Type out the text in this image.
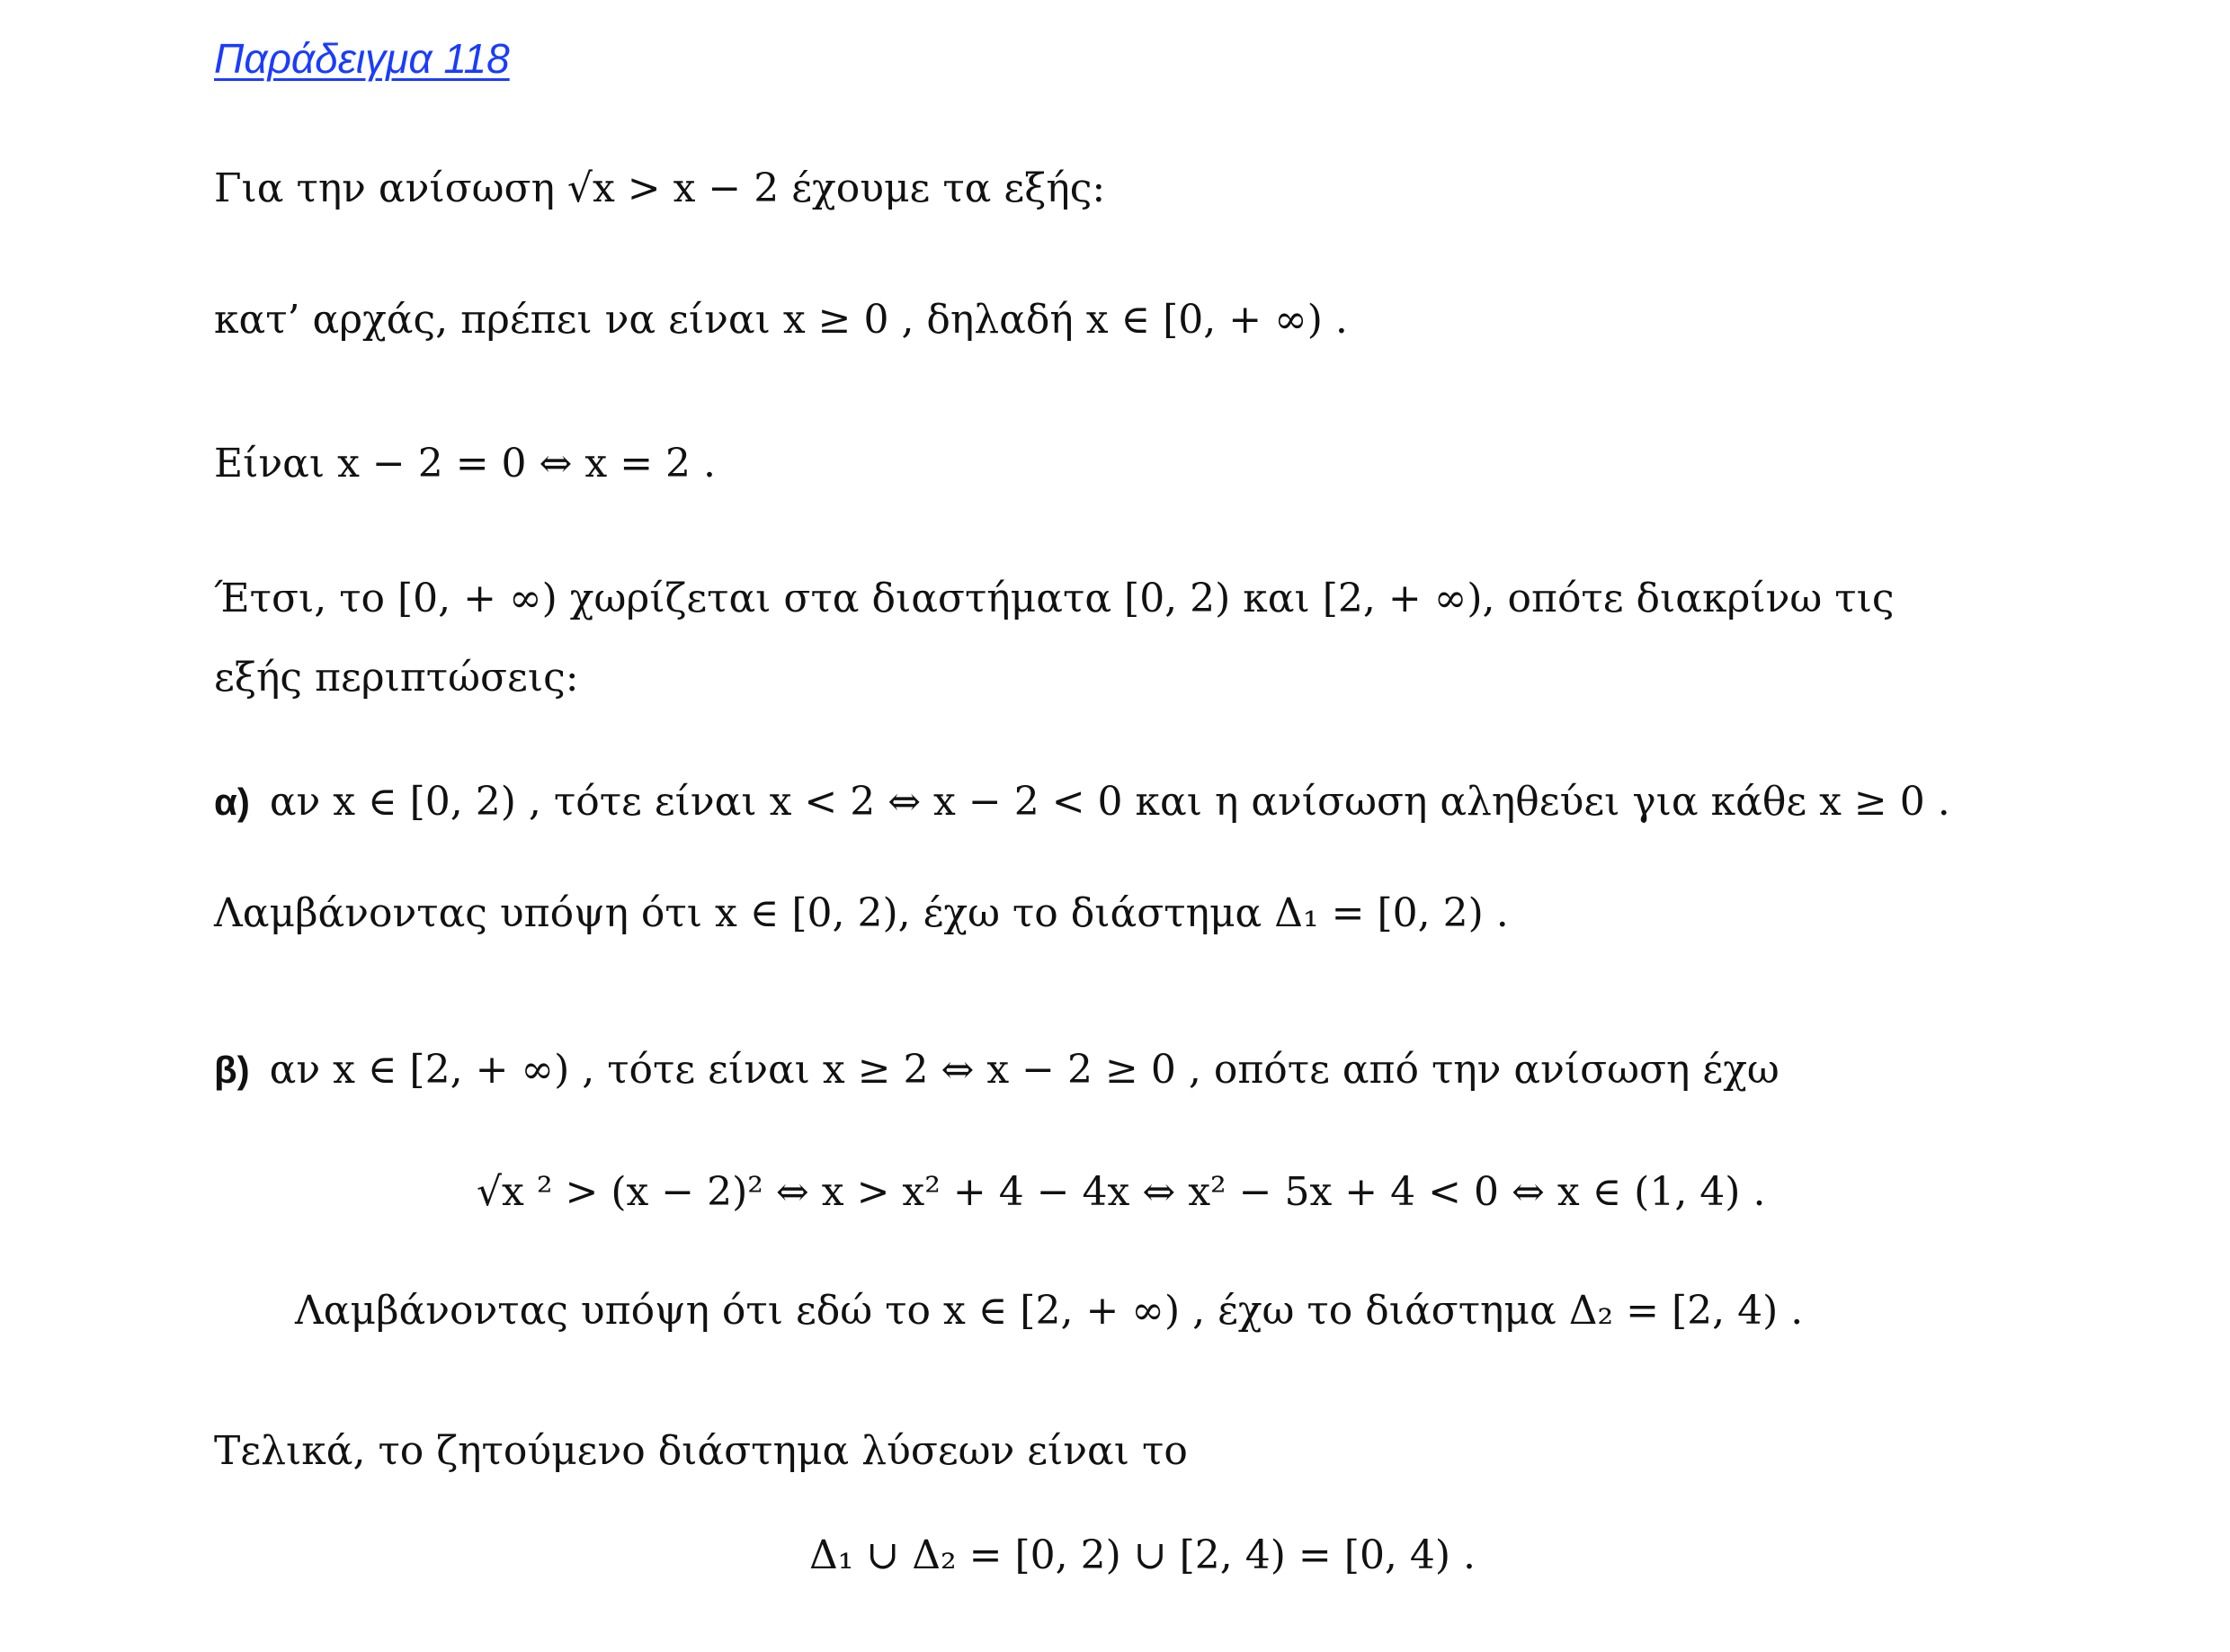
Παράδειγμα 118
Για την ανίσωση √x > x − 2 έχουμε τα εξής:
κατ’ αρχάς, πρέπει να είναι x ≥ 0 , δηλαδή x ∈ [0, + ∞) .
Είναι x − 2 = 0 ⇔ x = 2 .
Έτσι, το [0, + ∞) χωρίζεται στα διαστήματα [0, 2) και [2, + ∞), οπότε διακρίνω τις
εξής περιπτώσεις:
α) αν x ∈ [0, 2) , τότε είναι x < 2 ⇔ x − 2 < 0 και η ανίσωση αληθεύει για κάθε x ≥ 0 .
Λαμβάνοντας υπόψη ότι x ∈ [0, 2), έχω το διάστημα Δ₁ = [0, 2) .
β) αν x ∈ [2, + ∞) , τότε είναι x ≥ 2 ⇔ x − 2 ≥ 0 , οπότε από την ανίσωση έχω
√x ² > (x − 2)² ⇔ x > x² + 4 − 4x ⇔ x² − 5x + 4 < 0 ⇔ x ∈ (1, 4) .
Λαμβάνοντας υπόψη ότι εδώ το x ∈ [2, + ∞) , έχω το διάστημα Δ₂ = [2, 4) .
Τελικά, το ζητούμενο διάστημα λύσεων είναι το
Δ₁ ∪ Δ₂ = [0, 2) ∪ [2, 4) = [0, 4) .
